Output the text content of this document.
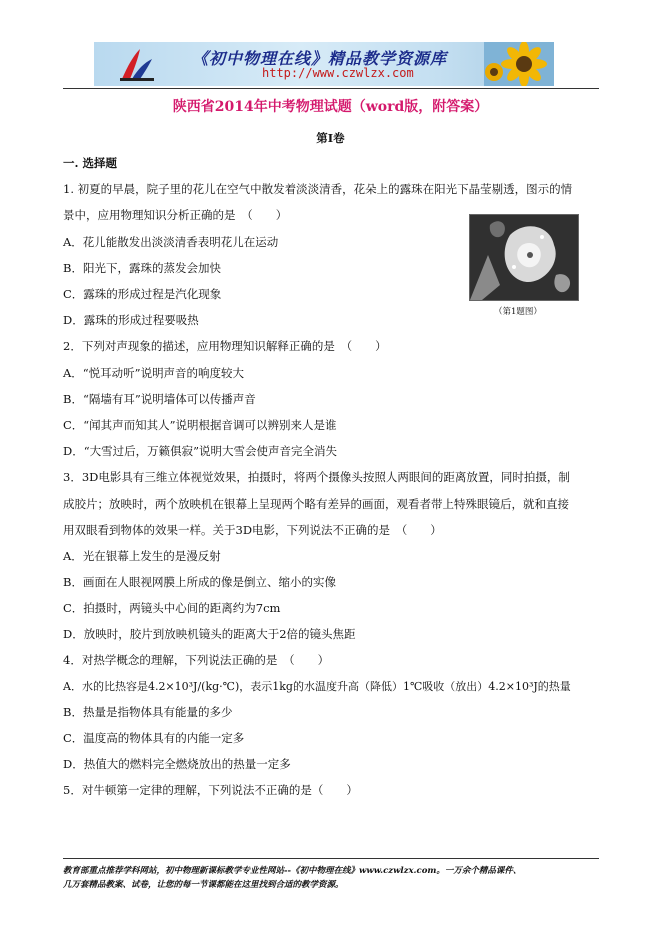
《初中物理在线》精品教学资源库
http://www.czwlzx.com
陕西省2014年中考物理试题（word版，附答案）
第I卷
一. 选择题
1. 初夏的早晨，院子里的花儿在空气中散发着淡淡清香，花朵上的露珠在阳光下晶莹剔透，图示的情
景中，应用物理知识分析正确的是　（　　）
A．花儿能散发出淡淡清香表明花儿在运动
B．阳光下，露珠的蒸发会加快
C．露珠的形成过程是汽化现象
D．露珠的形成过程要吸热
（第1题图）
2．下列对声现象的描述，应用物理知识解释正确的是　（　　）
A．“悦耳动听”说明声音的响度较大
B．“隔墙有耳”说明墙体可以传播声音
C．“闻其声而知其人”说明根据音调可以辨别来人是谁
D．“大雪过后，万籁俱寂”说明大雪会使声音完全消失
3．3D电影具有三维立体视觉效果，拍摄时，将两个摄像头按照人两眼间的距离放置，同时拍摄，制
成胶片；放映时，两个放映机在银幕上呈现两个略有差异的画面，观看者带上特殊眼镜后，就和直接
用双眼看到物体的效果一样。关于3D电影，下列说法不正确的是　（　　）
A．光在银幕上发生的是漫反射
B．画面在人眼视网膜上所成的像是倒立、缩小的实像
C．拍摄时，两镜头中心间的距离约为7cm
D．放映时，胶片到放映机镜头的距离大于2倍的镜头焦距
4．对热学概念的理解，下列说法正确的是　（　　）
A．水的比热容是4.2×10³J/(kg·℃)，表示1kg的水温度升高（降低）1℃吸收（放出）4.2×10³J的热量
B．热量是指物体具有能量的多少
C．温度高的物体具有的内能一定多
D．热值大的燃料完全燃烧放出的热量一定多
5．对牛顿第一定律的理解，下列说法不正确的是（　　）
教育部重点推荐学科网站，初中物理新课标教学专业性网站--《初中物理在线》www.czwlzx.com。一万余个精品课件、
几万套精品教案、试卷，让您的每一节课都能在这里找到合适的教学资源。
